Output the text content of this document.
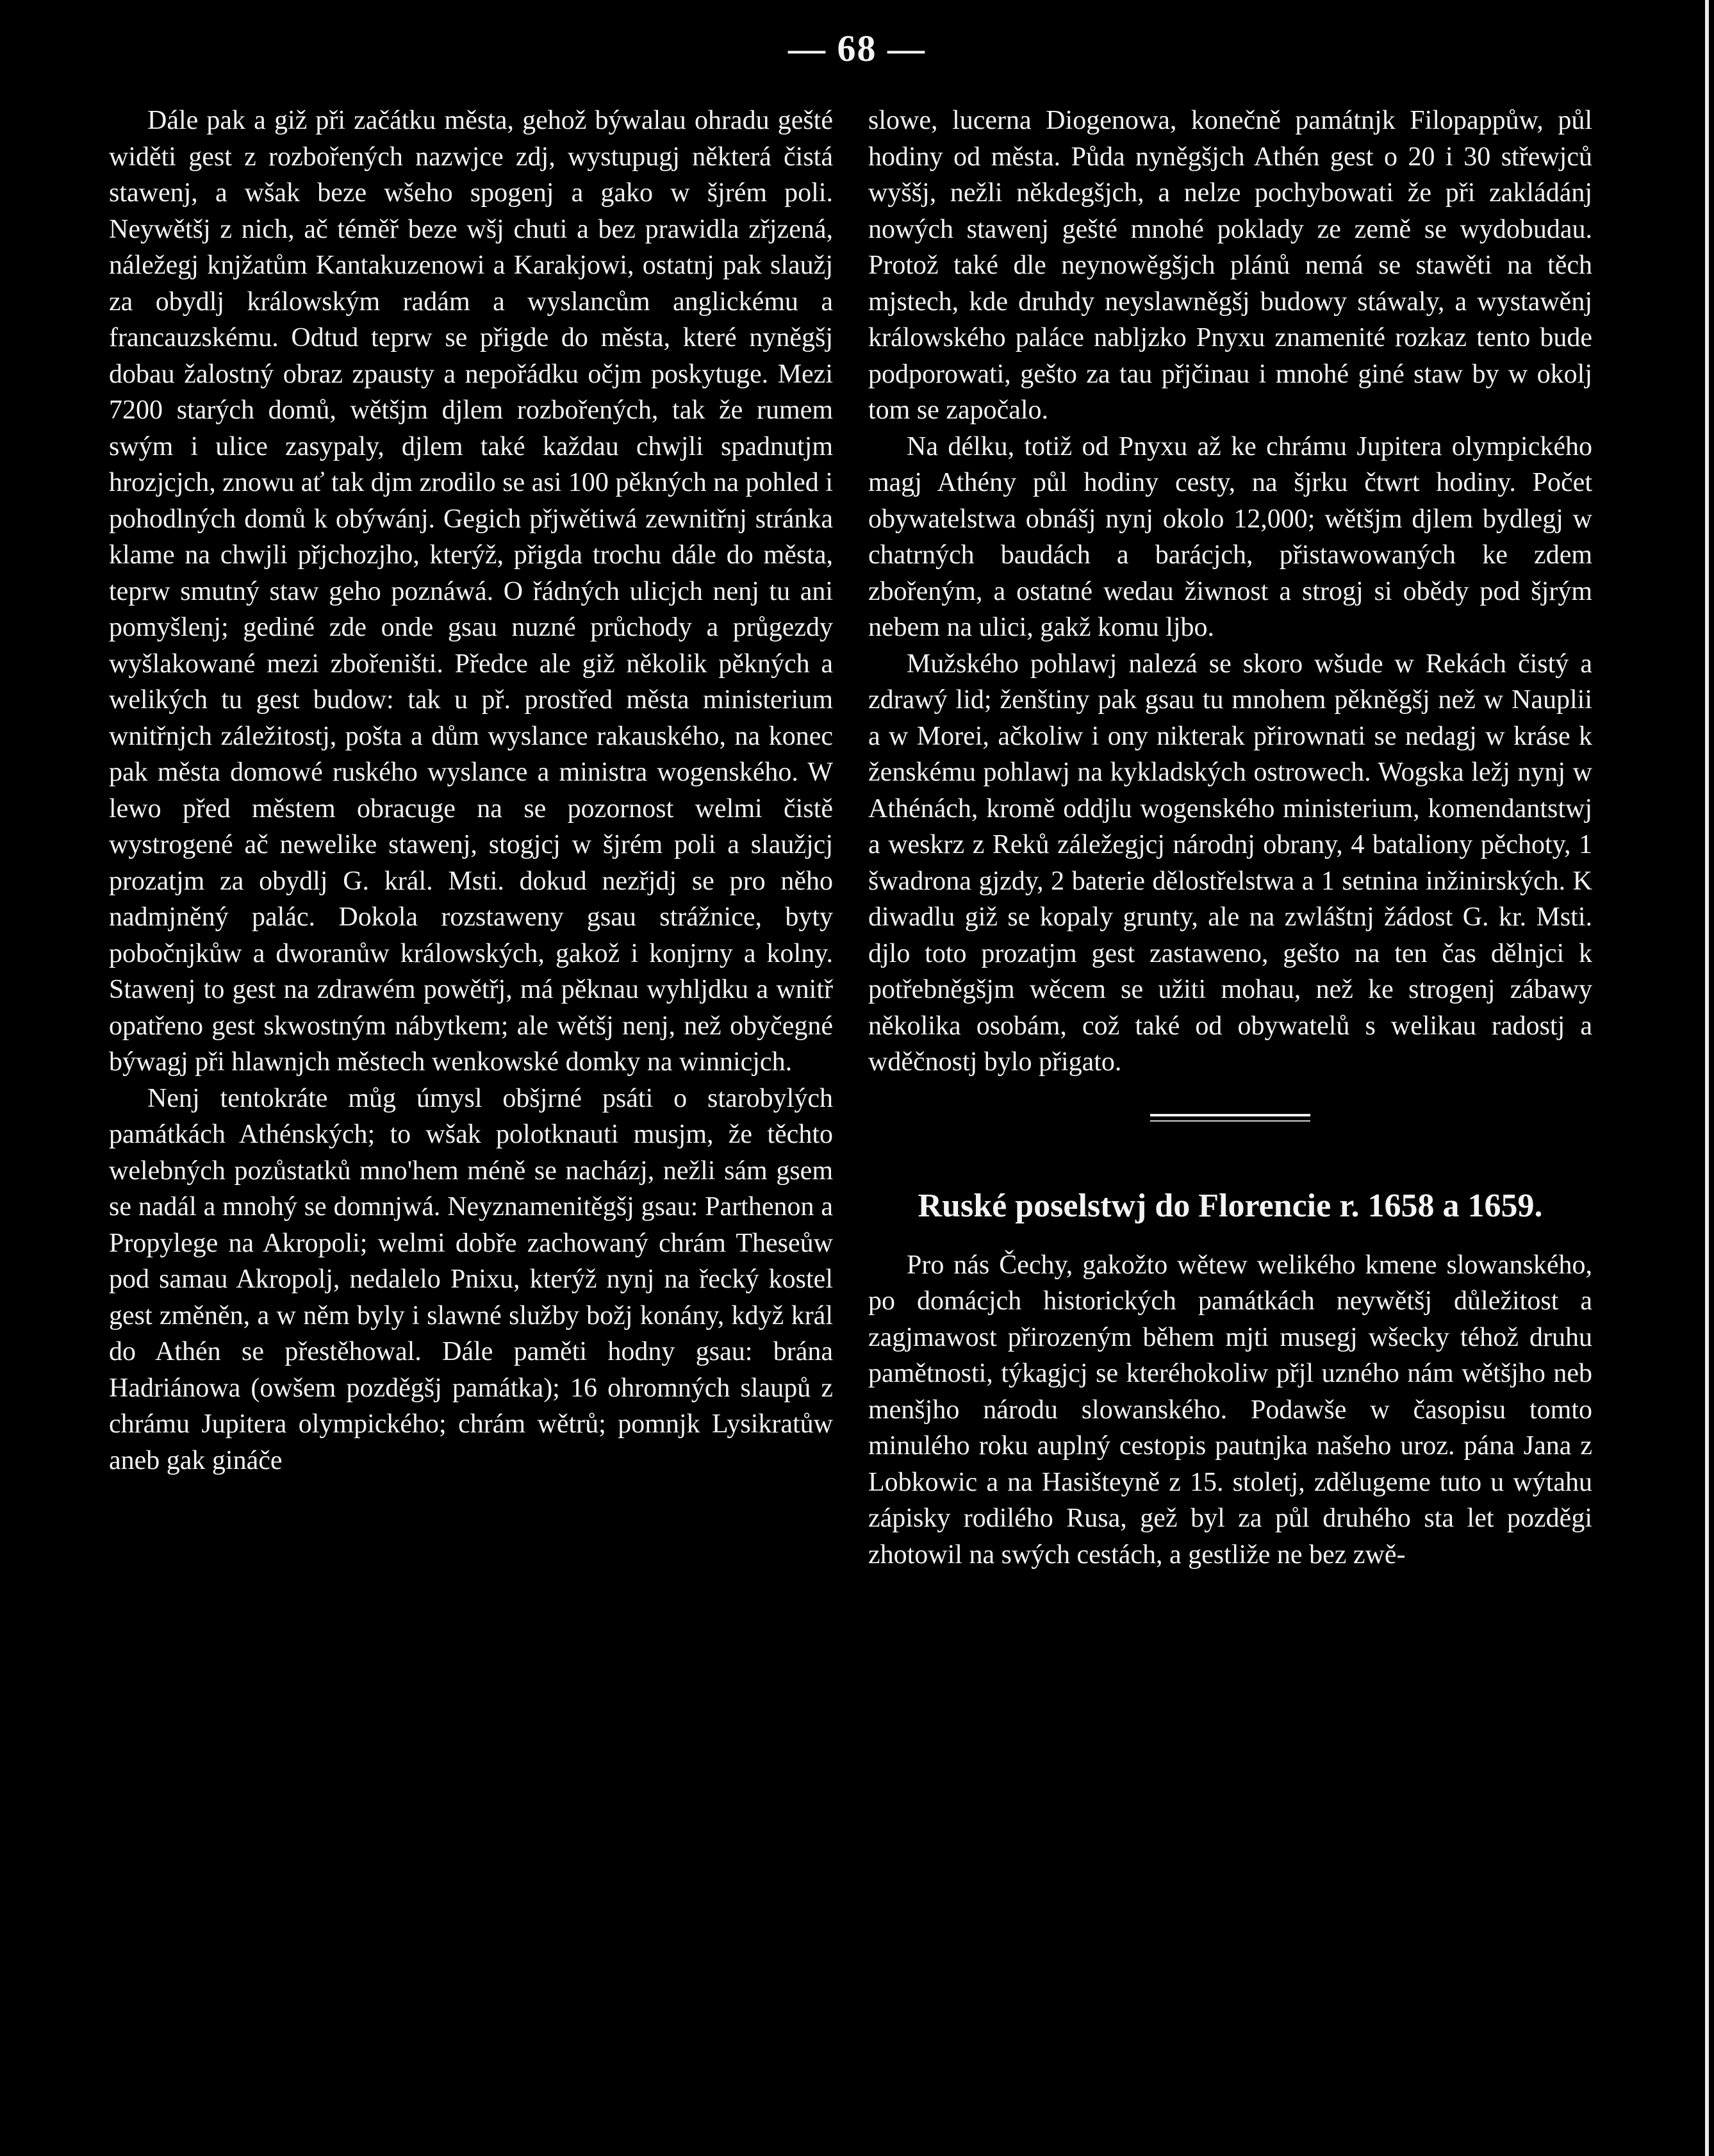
— 68 —

Dále pak a giž při začátku města, gehož býwalau ohradu gešté widěti gest z rozbořených nazwjce zdj, wystupugj některá čistá stawenj, a wšak beze wšeho spogenj a gako w šjrém poli. Neywětšj z nich, ač téměř beze wšj chuti a bez prawidla zřjzená, náležegj knjžatům Kantakuzenowi a Karakjowi, ostatnj pak slaužj za obydlj králowským radám a wyslancům anglickému a francauzskému. Odtud teprw se přigde do města, které nyněgšj dobau žalostný obraz zpausty a nepořádku očjm poskytuge. Mezi 7200 starých domů, wětšjm djlem rozbořených, tak že rumem swým i ulice zasypaly, djlem také každau chwjli spadnutjm hrozjcjch, znowu ať tak djm zrodilo se asi 100 pěkných na pohled i pohodlných domů k obýwánj. Gegich přjwětiwá zewnitřnj stránka klame na chwjli přjchozjho, kterýž, přigda trochu dále do města, teprw smutný staw geho poznáwá. O řádných ulicjch nenj tu ani pomyšlenj; gediné zde onde gsau nuzné průchody a průgezdy wyšlakowané mezi zbořeništi. Předce ale giž několik pěkných a welikých tu gest budow: tak u př. prostřed města ministerium wnitřnjch záležitostj, pošta a dům wyslance rakauského, na konec pak města domowé ruského wyslance a ministra wogenského. W lewo před městem obracuge na se pozornost welmi čistě wystrogené ač newelike stawenj, stogjcj w šjrém poli a slaužjcj prozatjm za obydlj G. král. Msti. dokud nezřjdj se pro něho nadmjněný palác. Dokola rozstaweny gsau strážnice, byty pobočnjkůw a dworanůw králowských, gakož i konjrny a kolny. Stawenj to gest na zdrawém powětřj, má pěknau wyhljdku a wnitř opatřeno gest skwostným nábytkem; ale wětšj nenj, než obyčegné býwagj při hlawnjch městech wenkowské domky na winnicjch.

Nenj tentokráte můg úmysl obšjrné psáti o starobylých památkách Athénských; to wšak polotknauti musjm, že těchto welebných pozůstatků mno'hem méně se nacházj, nežli sám gsem se nadál a mnohý se domnjwá. Neyznamenitěgšj gsau: Parthenon a Propylege na Akropoli; welmi dobře zachowaný chrám Theseůw pod samau Akropolj, nedalelo Pnixu, kterýž nynj na řecký kostel gest změněn, a w něm byly i slawné služby božj konány, když král do Athén se přestěhowal. Dále paměti hodny gsau: brána Hadriánowa (owšem pozděgšj památka); 16 ohromných slaupů z chrámu Jupitera olympického; chrám wětrů; pomnjk Lysikratůw aneb gak gináče

slowe, lucerna Diogenowa, konečně památnjk Filopappůw, půl hodiny od města. Půda nyněgšjch Athén gest o 20 i 30 střewjců wyššj, nežli někdegšjch, a nelze pochybowati že při zakládánj nowých stawenj gešté mnohé poklady ze země se wydobudau. Protož také dle neynowěgšjch plánů nemá se stawěti na těch mjstech, kde druhdy neyslawněgšj budowy stáwaly, a wystawěnj králowského paláce nabljzko Pnyxu znamenité rozkaz tento bude podporowati, gešto za tau přjčinau i mnohé giné staw by w okolj tom se započalo.

Na délku, totiž od Pnyxu až ke chrámu Jupitera olympického magj Athény půl hodiny cesty, na šjrku čtwrt hodiny. Počet obywatelstwa obnášj nynj okolo 12,000; wětšjm djlem bydlegj w chatrných baudách a barácjch, přistawowaných ke zdem zbořeným, a ostatné wedau žiwnost a strogj si obědy pod šjrým nebem na ulici, gakž komu ljbo.

Mužského pohlawj nalezá se skoro wšude w Rekách čistý a zdrawý lid; ženštiny pak gsau tu mnohem pěkněgšj než w Nauplii a w Morei, ačkoliw i ony nikterak přirownati se nedagj w kráse k ženskému pohlawj na kykladských ostrowech. Wogska ležj nynj w Athénách, kromě oddjlu wogenského ministerium, komendantstwj a weskrz z Reků záležegjcj národnj obrany, 4 bataliony pěchoty, 1 šwadrona gjzdy, 2 baterie dělostřelstwa a 1 setnina inžinirských. K diwadlu giž se kopaly grunty, ale na zwláštnj žádost G. kr. Msti. djlo toto prozatjm gest zastaweno, gešto na ten čas dělnjci k potřebněgšjm wěcem se užiti mohau, než ke strogenj zábawy několika osobám, což také od obywatelů s welikau radostj a wděčnostj bylo přigato.

Ruské poselstwj do Florencie r. 1658 a 1659.

Pro nás Čechy, gakožto wětew welikého kmene slowanského, po domácjch historických památkách neywětšj důležitost a zagjmawost přirozeným během mjti musegj wšecky téhož druhu pamětnosti, týkagjcj se kteréhokoliw přjl uzného nám wětšjho neb menšjho národu slowanského. Podawše w časopisu tomto minulého roku auplný cestopis pautnjka našeho uroz. pána Jana z Lobkowic a na Hasišteyně z 15. stoletj, zdělugeme tuto u wýtahu zápisky rodilého Rusa, gež byl za půl druhého sta let pozděgi zhotowil na swých cestách, a gestliže ne bez zwě-
